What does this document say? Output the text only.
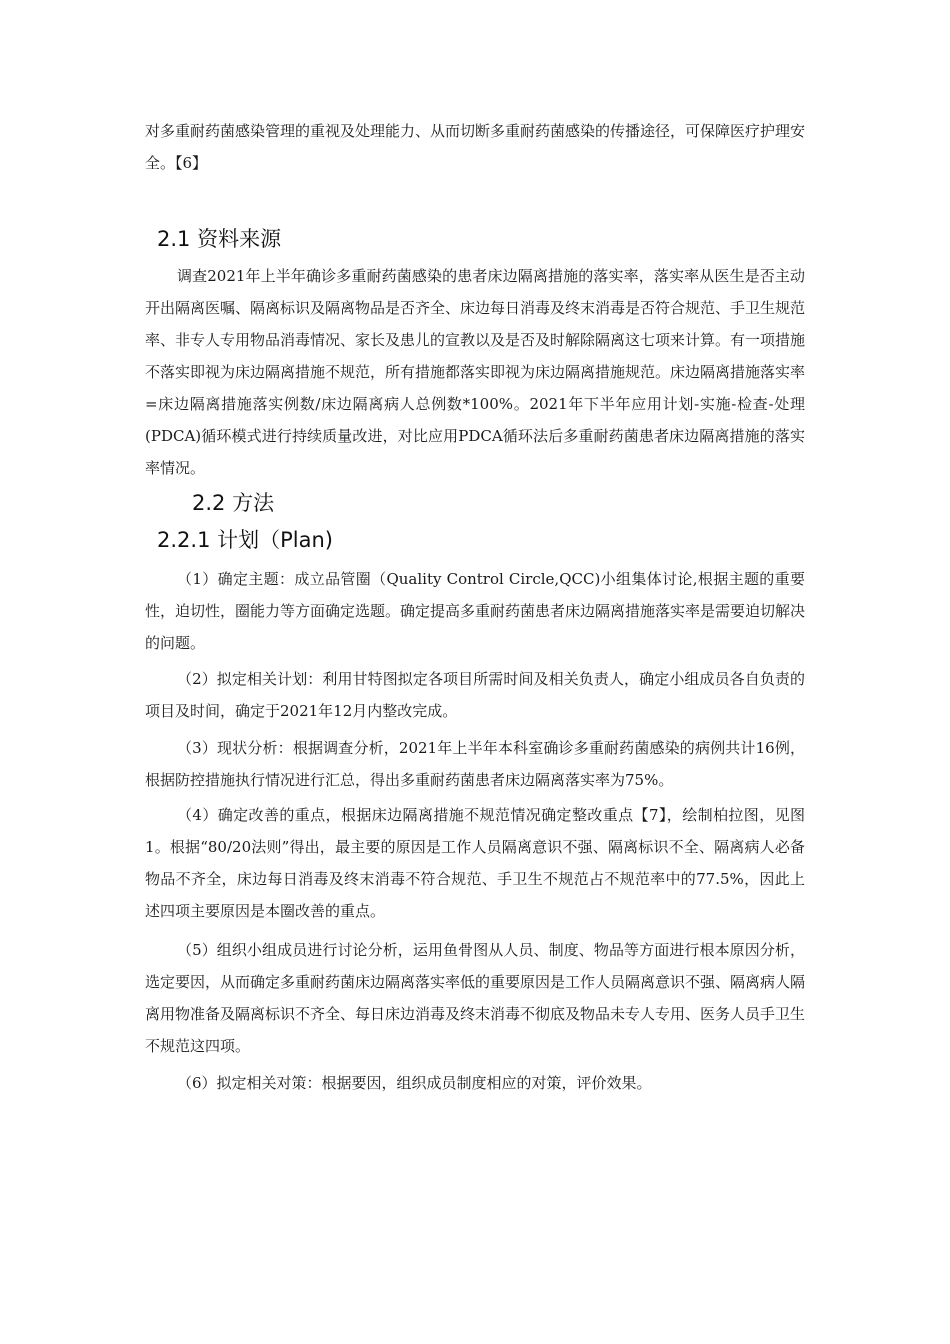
对多重耐药菌感染管理的重视及处理能力、从而切断多重耐药菌感染的传播途径，可保障医疗护理安全。【6】

2.1 资料来源

调查2021年上半年确诊多重耐药菌感染的患者床边隔离措施的落实率，落实率从医生是否主动开出隔离医嘱、隔离标识及隔离物品是否齐全、床边每日消毒及终末消毒是否符合规范、手卫生规范率、非专人专用物品消毒情况、家长及患儿的宣教以及是否及时解除隔离这七项来计算。有一项措施不落实即视为床边隔离措施不规范，所有措施都落实即视为床边隔离措施规范。床边隔离措施落实率=床边隔离措施落实例数/床边隔离病人总例数*100%。2021年下半年应用计划-实施-检查-处理(PDCA)循环模式进行持续质量改进，对比应用PDCA循环法后多重耐药菌患者床边隔离措施的落实率情况。

2.2 方法
2.2.1 计划（Plan)

（1）确定主题：成立品管圈（Quality Control Circle,QCC)小组集体讨论,根据主题的重要性，迫切性，圈能力等方面确定选题。确定提高多重耐药菌患者床边隔离措施落实率是需要迫切解决的问题。

（2）拟定相关计划：利用甘特图拟定各项目所需时间及相关负责人，确定小组成员各自负责的项目及时间，确定于2021年12月内整改完成。

（3）现状分析：根据调查分析，2021年上半年本科室确诊多重耐药菌感染的病例共计16例，根据防控措施执行情况进行汇总，得出多重耐药菌患者床边隔离落实率为75%。

（4）确定改善的重点，根据床边隔离措施不规范情况确定整改重点【7】，绘制柏拉图，见图1。根据“80/20法则”得出，最主要的原因是工作人员隔离意识不强、隔离标识不全、隔离病人必备物品不齐全，床边每日消毒及终末消毒不符合规范、手卫生不规范占不规范率中的77.5%，因此上述四项主要原因是本圈改善的重点。

（5）组织小组成员进行讨论分析，运用鱼骨图从人员、制度、物品等方面进行根本原因分析，选定要因，从而确定多重耐药菌床边隔离落实率低的重要原因是工作人员隔离意识不强、隔离病人隔离用物准备及隔离标识不齐全、每日床边消毒及终末消毒不彻底及物品未专人专用、医务人员手卫生不规范这四项。

（6）拟定相关对策：根据要因，组织成员制度相应的对策，评价效果。
